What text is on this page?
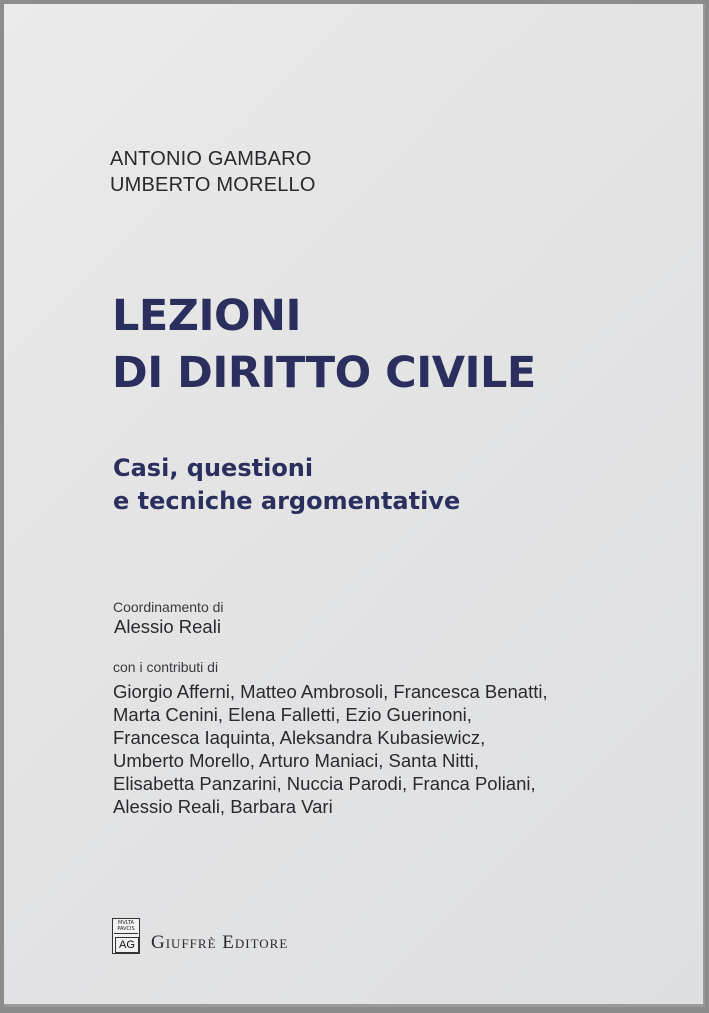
ANTONIO GAMBARO
UMBERTO MORELLO
LEZIONI
DI DIRITTO CIVILE
Casi, questioni
e tecniche argomentative
Coordinamento di
Alessio Reali
con i contributi di
Giorgio Afferni, Matteo Ambrosoli, Francesca Benatti,
Marta Cenini, Elena Falletti, Ezio Guerinoni,
Francesca Iaquinta, Aleksandra Kubasiewicz,
Umberto Morello, Arturo Maniaci, Santa Nitti,
Elisabetta Panzarini, Nuccia Parodi, Franca Poliani,
Alessio Reali, Barbara Vari
MVLTA PAVCIS
AG Giuffrè Editore
